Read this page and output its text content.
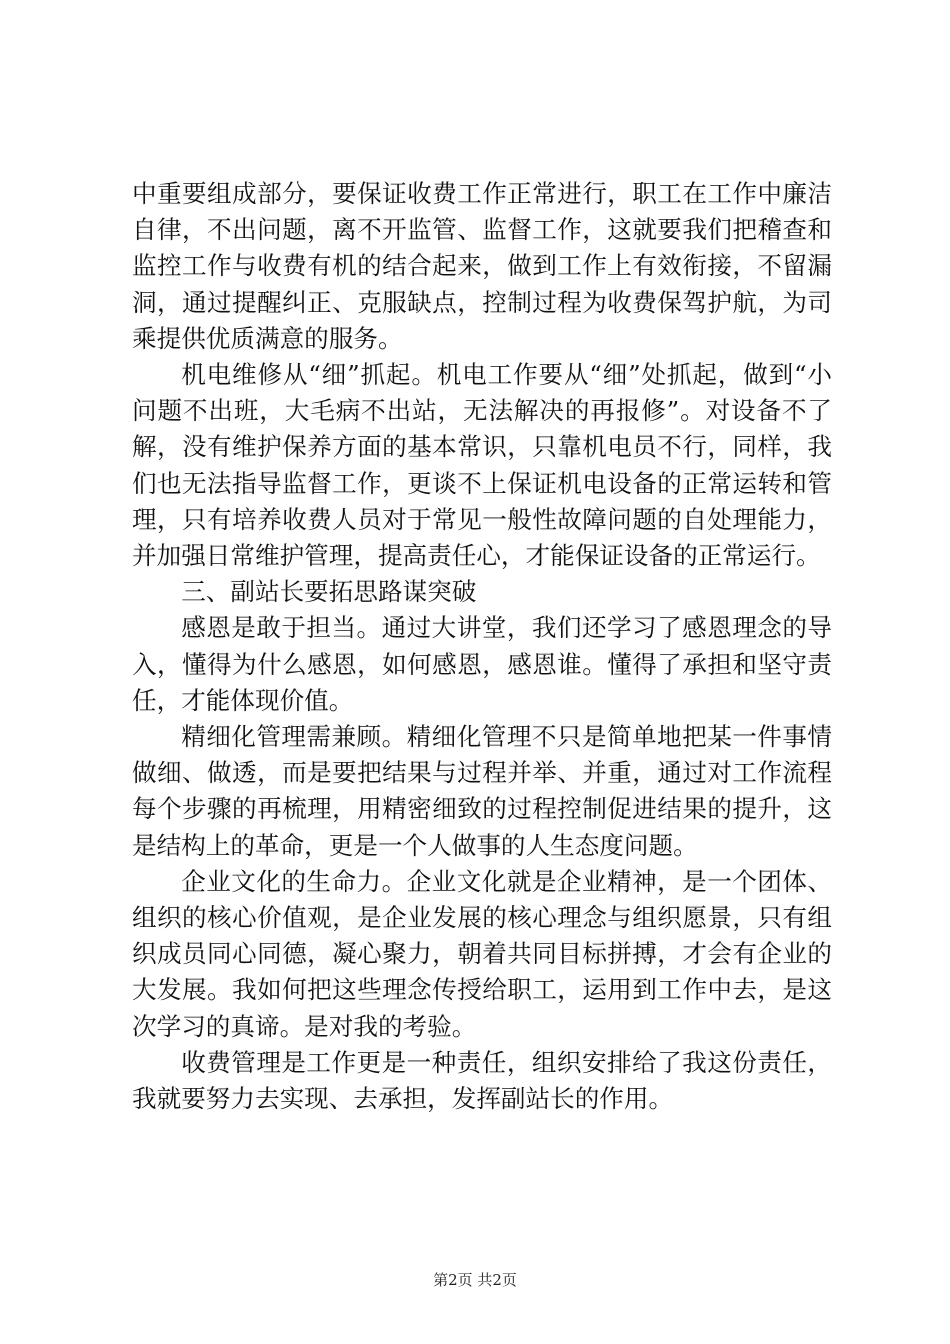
中重要组成部分，要保证收费工作正常进行，职工在工作中廉洁自律，不出问题，离不开监管、监督工作，这就要我们把稽查和监控工作与收费有机的结合起来，做到工作上有效衔接，不留漏洞，通过提醒纠正、克服缺点，控制过程为收费保驾护航，为司乘提供优质满意的服务。

机电维修从“细”抓起。机电工作要从“细”处抓起，做到“小问题不出班，大毛病不出站，无法解决的再报修”。对设备不了解，没有维护保养方面的基本常识，只靠机电员不行，同样，我们也无法指导监督工作，更谈不上保证机电设备的正常运转和管理，只有培养收费人员对于常见一般性故障问题的自处理能力，并加强日常维护管理，提高责任心，才能保证设备的正常运行。

三、副站长要拓思路谋突破

感恩是敢于担当。通过大讲堂，我们还学习了感恩理念的导入，懂得为什么感恩，如何感恩，感恩谁。懂得了承担和坚守责任，才能体现价值。

精细化管理需兼顾。精细化管理不只是简单地把某一件事情做细、做透，而是要把结果与过程并举、并重，通过对工作流程每个步骤的再梳理，用精密细致的过程控制促进结果的提升，这是结构上的革命，更是一个人做事的人生态度问题。

企业文化的生命力。企业文化就是企业精神，是一个团体、组织的核心价值观，是企业发展的核心理念与组织愿景，只有组织成员同心同德，凝心聚力，朝着共同目标拼搏，才会有企业的大发展。我如何把这些理念传授给职工，运用到工作中去，是这次学习的真谛。是对我的考验。

收费管理是工作更是一种责任，组织安排给了我这份责任，我就要努力去实现、去承担，发挥副站长的作用。

第2页 共2页
